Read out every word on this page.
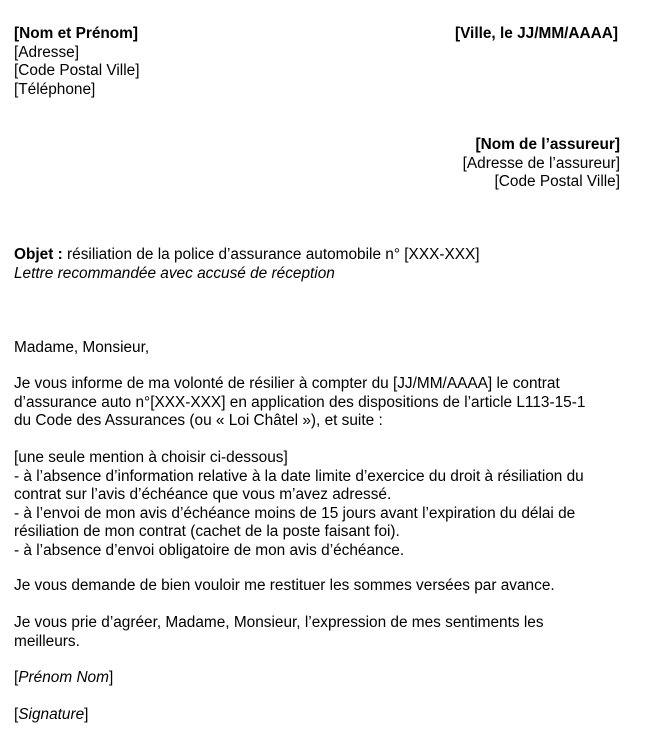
[Nom et Prénom]
[Adresse]
[Code Postal Ville]
[Téléphone]
[Ville, le JJ/MM/AAAA]
[Nom de l’assureur]
[Adresse de l’assureur]
[Code Postal Ville]
Objet : résiliation de la police d’assurance automobile n° [XXX-XXX]
Lettre recommandée avec accusé de réception
Madame, Monsieur,
Je vous informe de ma volonté de résilier à compter du [JJ/MM/AAAA] le contrat
d’assurance auto n°[XXX-XXX] en application des dispositions de l’article L113-15-1
du Code des Assurances (ou « Loi Châtel »), et suite :
[une seule mention à choisir ci-dessous]
- à l’absence d’information relative à la date limite d’exercice du droit à résiliation du
contrat sur l’avis d’échéance que vous m’avez adressé.
- à l’envoi de mon avis d’échéance moins de 15 jours avant l’expiration du délai de
résiliation de mon contrat (cachet de la poste faisant foi).
- à l’absence d’envoi obligatoire de mon avis d’échéance.
Je vous demande de bien vouloir me restituer les sommes versées par avance.
Je vous prie d’agréer, Madame, Monsieur, l’expression de mes sentiments les
meilleurs.
[Prénom Nom]
[Signature]
